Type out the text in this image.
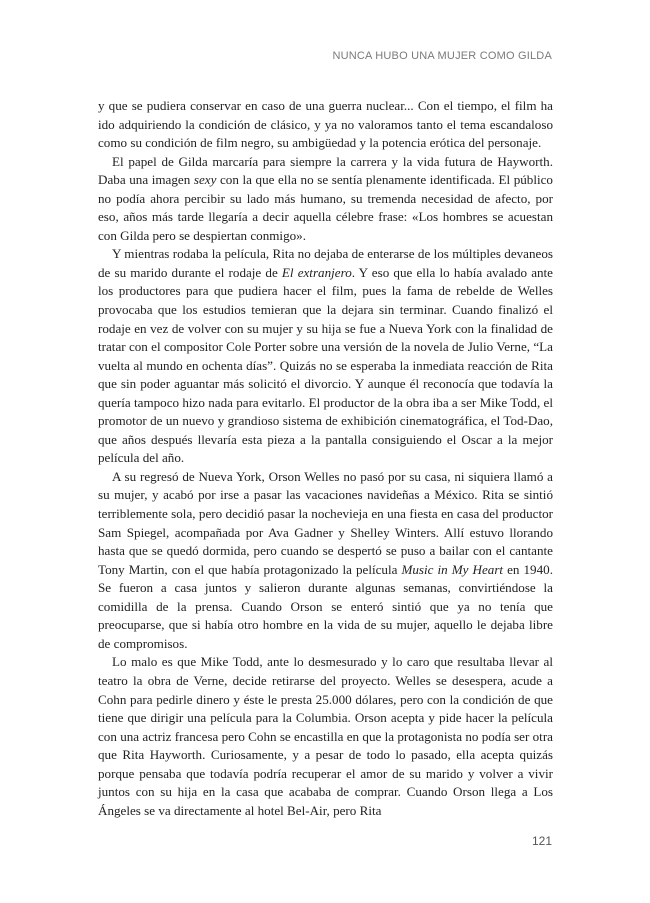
NUNCA HUBO UNA MUJER COMO GILDA

y que se pudiera conservar en caso de una guerra nuclear... Con el tiempo, el film ha ido adquiriendo la condición de clásico, y ya no valoramos tanto el tema escandaloso como su condición de film negro, su ambigüedad y la potencia erótica del personaje.

El papel de Gilda marcaría para siempre la carrera y la vida futura de Hayworth. Daba una imagen sexy con la que ella no se sentía plenamente identificada. El público no podía ahora percibir su lado más humano, su tremenda necesidad de afecto, por eso, años más tarde llegaría a decir aquella célebre frase: «Los hombres se acuestan con Gilda pero se despiertan conmigo».

Y mientras rodaba la película, Rita no dejaba de enterarse de los múltiples devaneos de su marido durante el rodaje de El extranjero. Y eso que ella lo había avalado ante los productores para que pudiera hacer el film, pues la fama de rebelde de Welles provocaba que los estudios temieran que la dejara sin terminar. Cuando finalizó el rodaje en vez de volver con su mujer y su hija se fue a Nueva York con la finalidad de tratar con el compositor Cole Porter sobre una versión de la novela de Julio Verne, “La vuelta al mundo en ochenta días”. Quizás no se esperaba la inmediata reacción de Rita que sin poder aguantar más solicitó el divorcio. Y aunque él reconocía que todavía la quería tampoco hizo nada para evitarlo. El productor de la obra iba a ser Mike Todd, el promotor de un nuevo y grandioso sistema de exhibición cinematográfica, el Tod-Dao, que años después llevaría esta pieza a la pantalla consiguiendo el Oscar a la mejor película del año.

A su regresó de Nueva York, Orson Welles no pasó por su casa, ni siquiera llamó a su mujer, y acabó por irse a pasar las vacaciones navideñas a México. Rita se sintió terriblemente sola, pero decidió pasar la nochevieja en una fiesta en casa del productor Sam Spiegel, acompañada por Ava Gadner y Shelley Winters. Allí estuvo llorando hasta que se quedó dormida, pero cuando se despertó se puso a bailar con el cantante Tony Martin, con el que había protagonizado la película Music in My Heart en 1940. Se fueron a casa juntos y salieron durante algunas semanas, convirtiéndose la comidilla de la prensa. Cuando Orson se enteró sintió que ya no tenía que preocuparse, que si había otro hombre en la vida de su mujer, aquello le dejaba libre de compromisos.

Lo malo es que Mike Todd, ante lo desmesurado y lo caro que resultaba llevar al teatro la obra de Verne, decide retirarse del proyecto. Welles se desespera, acude a Cohn para pedirle dinero y éste le presta 25.000 dólares, pero con la condición de que tiene que dirigir una película para la Columbia. Orson acepta y pide hacer la película con una actriz francesa pero Cohn se encastilla en que la protagonista no podía ser otra que Rita Hayworth. Curiosamente, y a pesar de todo lo pasado, ella acepta quizás porque pensaba que todavía podría recuperar el amor de su marido y volver a vivir juntos con su hija en la casa que acababa de comprar. Cuando Orson llega a Los Ángeles se va directamente al hotel Bel-Air, pero Rita

121
